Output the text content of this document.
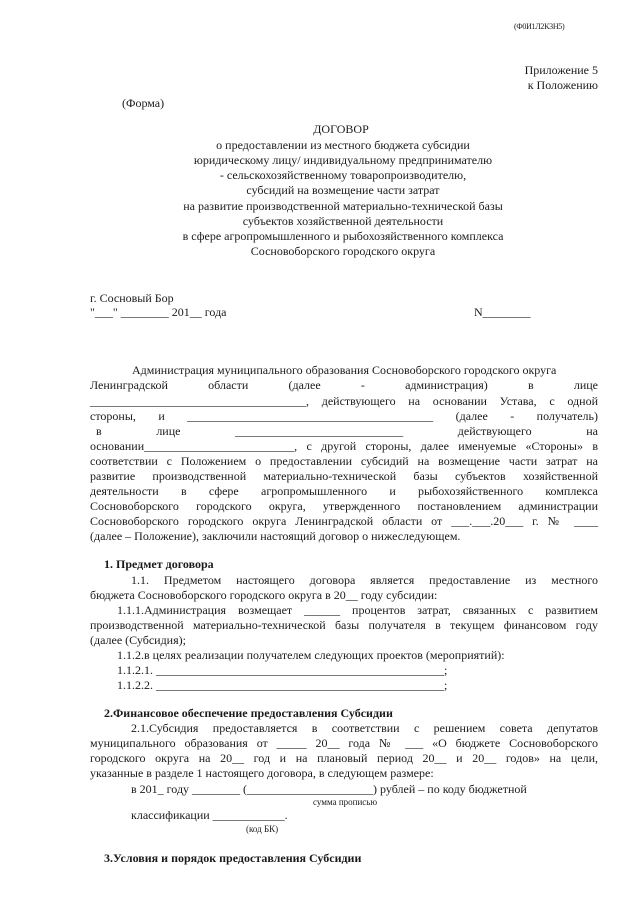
(Ф0И1Л2К3Н5)
Приложение 5
к Положению
(Форма)
ДОГОВОР
о предоставлении из местного бюджета субсидии
юридическому лицу/ индивидуальному предпринимателю
- сельскохозяйственному товаропроизводителю,
субсидий на возмещение части затрат
на развитие производственной материально-технической базы
субъектов хозяйственной деятельности
в сфере агропромышленного и рыбохозяйственного комплекса
Сосновоборского городского округа
г. Сосновый Бор
"___" ________ 201__ года	N________
Администрация муниципального образования Сосновоборского городского округа
Ленинградской области (далее - администрация) в лице
____________________________________, действующего на основании Устава, с одной
стороны, и _________________________________________ (далее - получатель)
в лице ____________________________ действующего на
основании_________________________, с другой стороны, далее именуемые «Стороны» в
соответствии с Положением о предоставлении субсидий на возмещение части затрат на
развитие производственной материально-технической базы субъектов хозяйственной
деятельности в сфере агропромышленного и рыбохозяйственного комплекса
Сосновоборского городского округа, утвержденного постановлением администрации
Сосновоборского городского округа Ленинградской области от ___.___.20___ г. № ____
(далее – Положение), заключили настоящий договор о нижеследующем.
1. Предмет договора
1.1. Предметом настоящего договора является предоставление из местного
бюджета Сосновоборского городского округа в 20__ году субсидии:
1.1.1.Администрация возмещает ______ процентов затрат, связанных с развитием
производственной материально-технической базы получателя в текущем финансовом году
(далее (Субсидия);
1.1.2.в целях реализации получателем следующих проектов (мероприятий):
1.1.2.1. ________________________________________________;
1.1.2.2. ________________________________________________;
2.Финансовое обеспечение предоставления Субсидии
2.1.Субсидия предоставляется в соответствии с решением совета депутатов
муниципального образования от _____ 20__ года № ___ «О бюджете Сосновоборского
городского округа на 20__ год и на плановый период 20__ и 20__ годов» на цели,
указанные в разделе 1 настоящего договора, в следующем размере:
в 201_ году ________ (_____________________) рублей – по коду бюджетной
сумма прописью
классификации ____________.
(код БК)
3.Условия и порядок предоставления Субсидии
